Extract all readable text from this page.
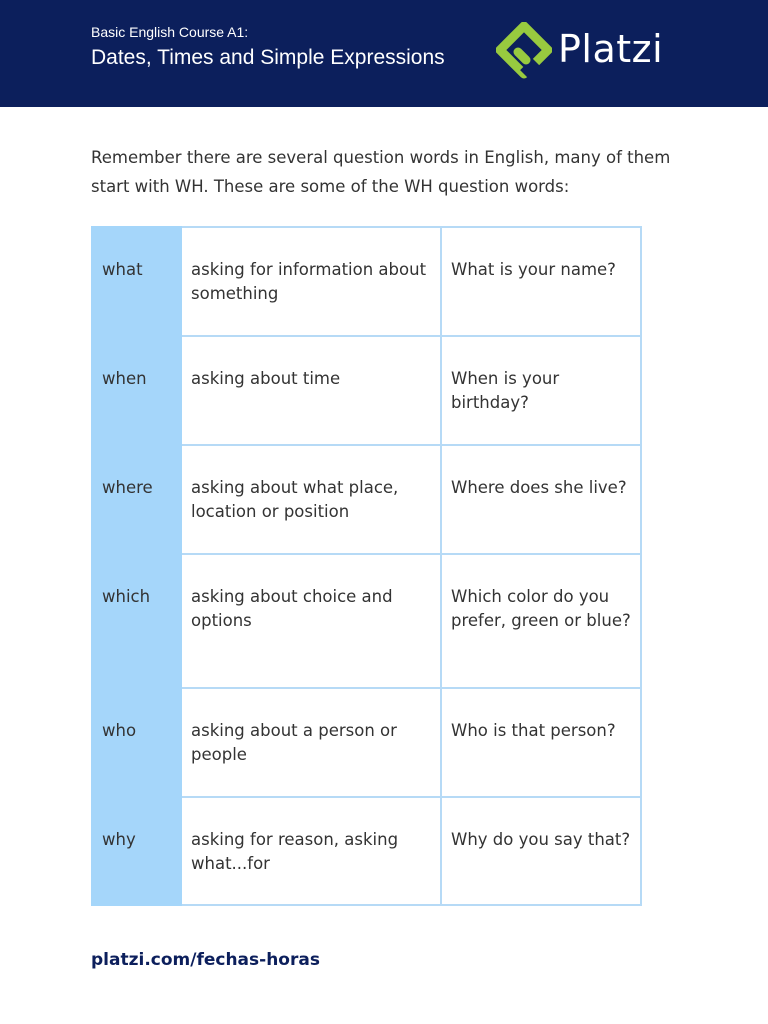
Basic English Course A1:
Dates, Times and Simple Expressions	Platzi

Remember there are several question words in English, many of them

start with WH. These are some of the WH question words:

what	asking for information about something	What is your name?
when	asking about time	When is your birthday?
where	asking about what place, location or position	Where does she live?
which	asking about choice and options	Which color do you prefer, green or blue?
who	asking about a person or people	Who is that person?
why	asking for reason, asking what...for	Why do you say that?
platzi.com/fechas-horas
